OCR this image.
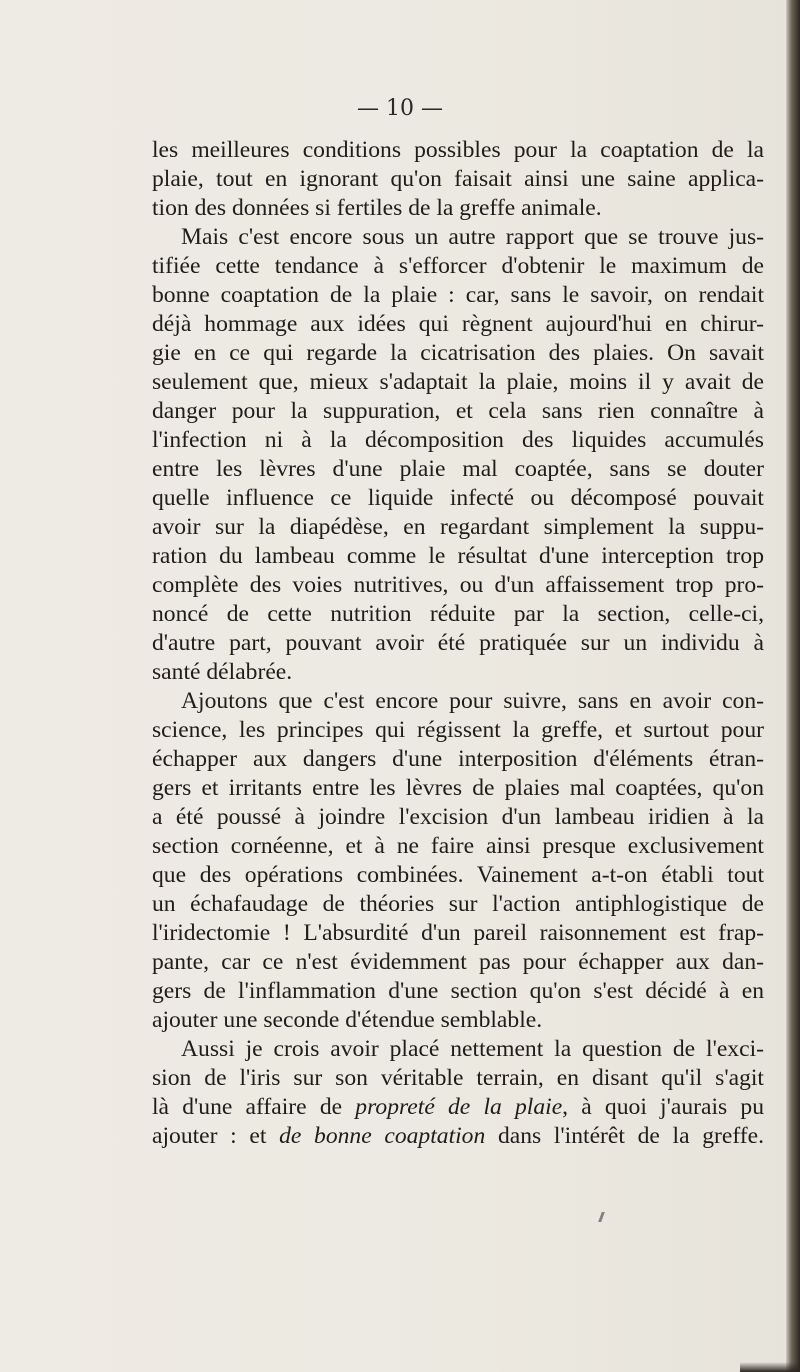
— 10 —
les meilleures conditions possibles pour la coaptation de la
plaie, tout en ignorant qu'on faisait ainsi une saine applica-
tion des données si fertiles de la greffe animale.
Mais c'est encore sous un autre rapport que se trouve jus-
tifiée cette tendance à s'efforcer d'obtenir le maximum de
bonne coaptation de la plaie : car, sans le savoir, on rendait
déjà hommage aux idées qui règnent aujourd'hui en chirur-
gie en ce qui regarde la cicatrisation des plaies. On savait
seulement que, mieux s'adaptait la plaie, moins il y avait de
danger pour la suppuration, et cela sans rien connaître à
l'infection ni à la décomposition des liquides accumulés
entre les lèvres d'une plaie mal coaptée, sans se douter
quelle influence ce liquide infecté ou décomposé pouvait
avoir sur la diapédèse, en regardant simplement la suppu-
ration du lambeau comme le résultat d'une interception trop
complète des voies nutritives, ou d'un affaissement trop pro-
noncé de cette nutrition réduite par la section, celle-ci,
d'autre part, pouvant avoir été pratiquée sur un individu à
santé délabrée.
Ajoutons que c'est encore pour suivre, sans en avoir con-
science, les principes qui régissent la greffe, et surtout pour
échapper aux dangers d'une interposition d'éléments étran-
gers et irritants entre les lèvres de plaies mal coaptées, qu'on
a été poussé à joindre l'excision d'un lambeau iridien à la
section cornéenne, et à ne faire ainsi presque exclusivement
que des opérations combinées. Vainement a-t-on établi tout
un échafaudage de théories sur l'action antiphlogistique de
l'iridectomie ! L'absurdité d'un pareil raisonnement est frap-
pante, car ce n'est évidemment pas pour échapper aux dan-
gers de l'inflammation d'une section qu'on s'est décidé à en
ajouter une seconde d'étendue semblable.
Aussi je crois avoir placé nettement la question de l'exci-
sion de l'iris sur son véritable terrain, en disant qu'il s'agit
là d'une affaire de propreté de la plaie, à quoi j'aurais pu
ajouter : et de bonne coaptation dans l'intérêt de la greffe.
